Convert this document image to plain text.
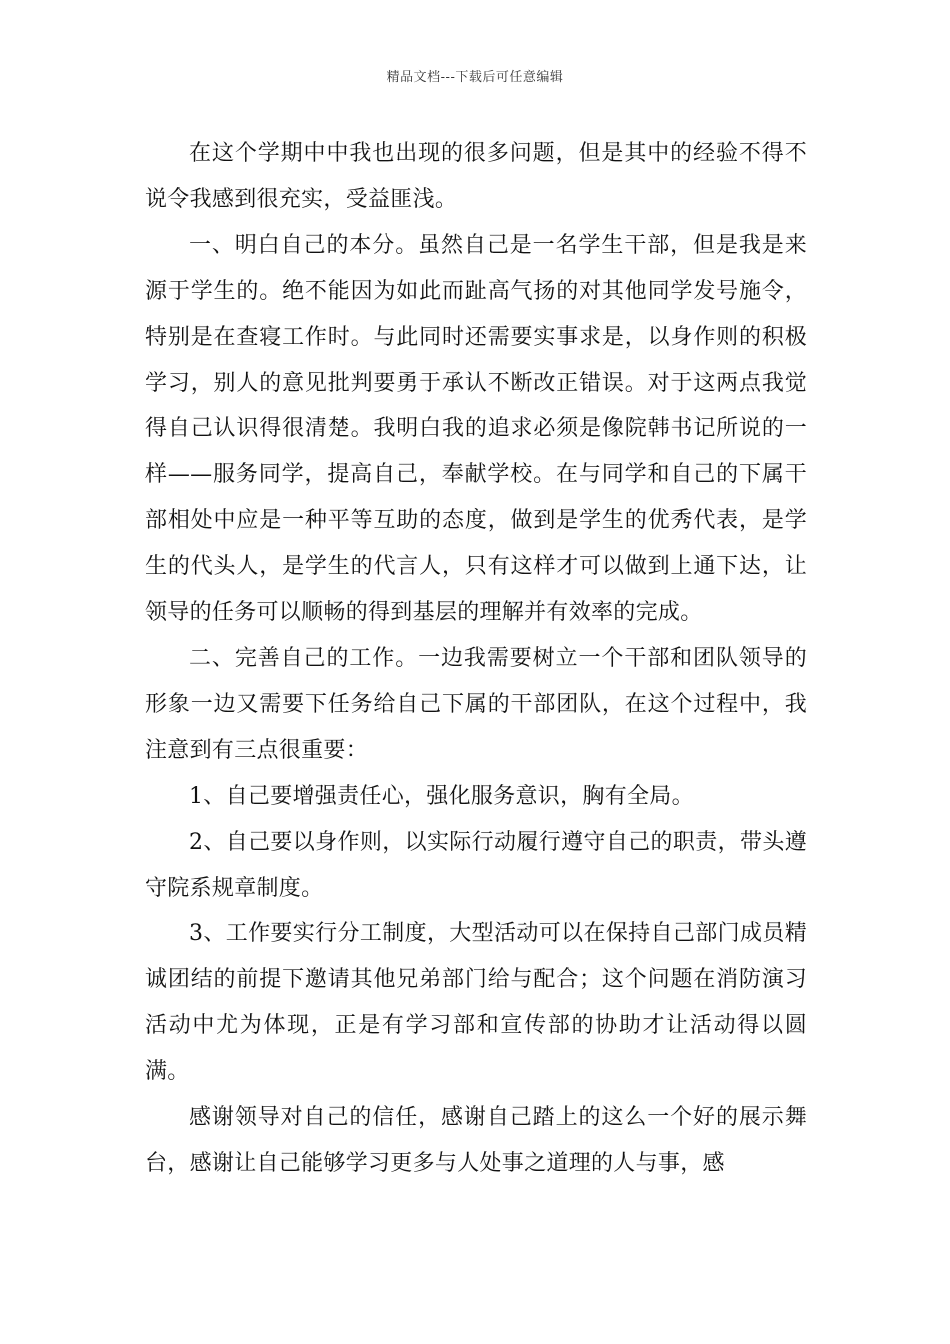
精品文档---下载后可任意编辑

在这个学期中中我也出现的很多问题，但是其中的经验不得不说令我感到很充实，受益匪浅。

一、明白自己的本分。虽然自己是一名学生干部，但是我是来源于学生的。绝不能因为如此而趾高气扬的对其他同学发号施令，特别是在查寝工作时。与此同时还需要实事求是，以身作则的积极学习，别人的意见批判要勇于承认不断改正错误。对于这两点我觉得自己认识得很清楚。我明白我的追求必须是像院韩书记所说的一样——服务同学，提高自己，奉献学校。在与同学和自己的下属干部相处中应是一种平等互助的态度，做到是学生的优秀代表，是学生的代头人，是学生的代言人，只有这样才可以做到上通下达，让领导的任务可以顺畅的得到基层的理解并有效率的完成。

二、完善自己的工作。一边我需要树立一个干部和团队领导的形象一边又需要下任务给自己下属的干部团队，在这个过程中，我注意到有三点很重要：

1、自己要增强责任心，强化服务意识，胸有全局。

2、自己要以身作则，以实际行动履行遵守自己的职责，带头遵守院系规章制度。

3、工作要实行分工制度，大型活动可以在保持自己部门成员精诚团结的前提下邀请其他兄弟部门给与配合；这个问题在消防演习活动中尤为体现，正是有学习部和宣传部的协助才让活动得以圆满。

感谢领导对自己的信任，感谢自己踏上的这么一个好的展示舞台，感谢让自己能够学习更多与人处事之道理的人与事，感
